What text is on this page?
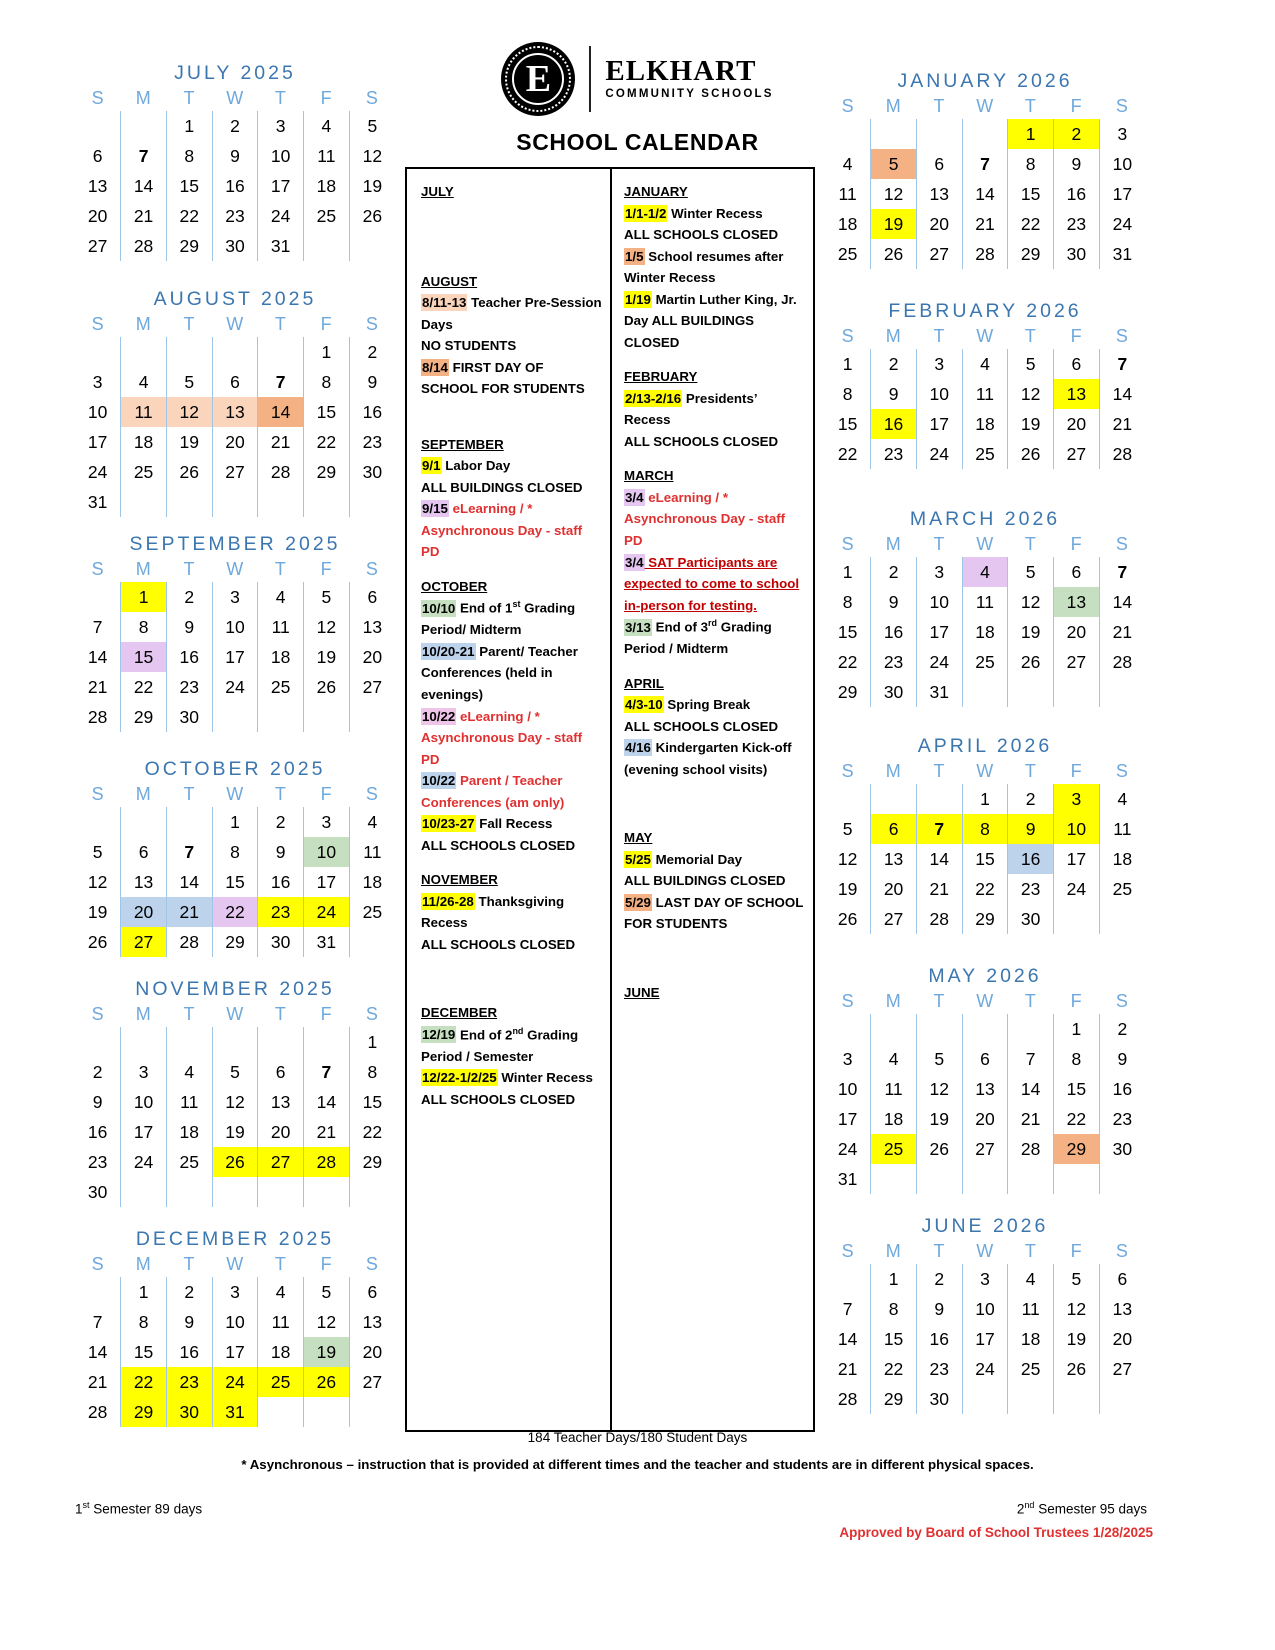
E ELKHART
COMMUNITY SCHOOLS
SCHOOL CALENDAR
JULY 2025
S	M	T	W	T	F	S
		1	2	3	4	5
6	7	8	9	10	11	12
13	14	15	16	17	18	19
20	21	22	23	24	25	26
27	28	29	30	31		
AUGUST 2025
S	M	T	W	T	F	S
					1	2
3	4	5	6	7	8	9
10	11	12	13	14	15	16
17	18	19	20	21	22	23
24	25	26	27	28	29	30
31						
SEPTEMBER 2025
S	M	T	W	T	F	S
	1	2	3	4	5	6
7	8	9	10	11	12	13
14	15	16	17	18	19	20
21	22	23	24	25	26	27
28	29	30				
OCTOBER 2025
S	M	T	W	T	F	S
			1	2	3	4
5	6	7	8	9	10	11
12	13	14	15	16	17	18
19	20	21	22	23	24	25
26	27	28	29	30	31	
NOVEMBER 2025
S	M	T	W	T	F	S
						1
2	3	4	5	6	7	8
9	10	11	12	13	14	15
16	17	18	19	20	21	22
23	24	25	26	27	28	29
30						
DECEMBER 2025
S	M	T	W	T	F	S
	1	2	3	4	5	6
7	8	9	10	11	12	13
14	15	16	17	18	19	20
21	22	23	24	25	26	27
28	29	30	31			
JANUARY 2026
S	M	T	W	T	F	S
				1	2	3
4	5	6	7	8	9	10
11	12	13	14	15	16	17
18	19	20	21	22	23	24
25	26	27	28	29	30	31
FEBRUARY 2026
S	M	T	W	T	F	S
1	2	3	4	5	6	7
8	9	10	11	12	13	14
15	16	17	18	19	20	21
22	23	24	25	26	27	28
MARCH 2026
S	M	T	W	T	F	S
1	2	3	4	5	6	7
8	9	10	11	12	13	14
15	16	17	18	19	20	21
22	23	24	25	26	27	28
29	30	31				
APRIL 2026
S	M	T	W	T	F	S
			1	2	3	4
5	6	7	8	9	10	11
12	13	14	15	16	17	18
19	20	21	22	23	24	25
26	27	28	29	30		
MAY 2026
S	M	T	W	T	F	S
					1	2
3	4	5	6	7	8	9
10	11	12	13	14	15	16
17	18	19	20	21	22	23
24	25	26	27	28	29	30
31						
JUNE 2026
S	M	T	W	T	F	S
	1	2	3	4	5	6
7	8	9	10	11	12	13
14	15	16	17	18	19	20
21	22	23	24	25	26	27
28	29	30				
JULY
AUGUST
8/11-13 Teacher Pre-Session Days
NO STUDENTS
8/14 FIRST DAY OF SCHOOL FOR STUDENTS
SEPTEMBER
9/1 Labor Day
ALL BUILDINGS CLOSED
9/15 eLearning / * Asynchronous Day - staff PD
OCTOBER
10/10 End of 1st Grading Period/ Midterm
10/20-21 Parent/ Teacher Conferences (held in evenings)
10/22 eLearning / * Asynchronous Day - staff PD
10/22 Parent / Teacher Conferences (am only)
10/23-27 Fall Recess
ALL SCHOOLS CLOSED
NOVEMBER
11/26-28 Thanksgiving Recess
ALL SCHOOLS CLOSED
DECEMBER
12/19 End of 2nd Grading Period / Semester
12/22-1/2/25 Winter Recess
ALL SCHOOLS CLOSED
JANUARY
1/1-1/2 Winter Recess
ALL SCHOOLS CLOSED
1/5 School resumes after Winter Recess
1/19 Martin Luther King, Jr. Day ALL BUILDINGS CLOSED
FEBRUARY
2/13-2/16 Presidents’ Recess
ALL SCHOOLS CLOSED
MARCH
3/4 eLearning / * Asynchronous Day - staff PD
3/4 SAT Participants are expected to come to school in-person for testing.
3/13 End of 3rd Grading Period / Midterm
APRIL
4/3-10 Spring Break
ALL SCHOOLS CLOSED
4/16 Kindergarten Kick-off (evening school visits)
MAY
5/25 Memorial Day
ALL BUILDINGS CLOSED
5/29 LAST DAY OF SCHOOL FOR STUDENTS
JUNE
184 Teacher Days/180 Student Days
* Asynchronous – instruction that is provided at different times and the teacher and students are in different physical spaces.
1st Semester 89 days	2nd Semester 95 days
Approved by Board of School Trustees 1/28/2025
